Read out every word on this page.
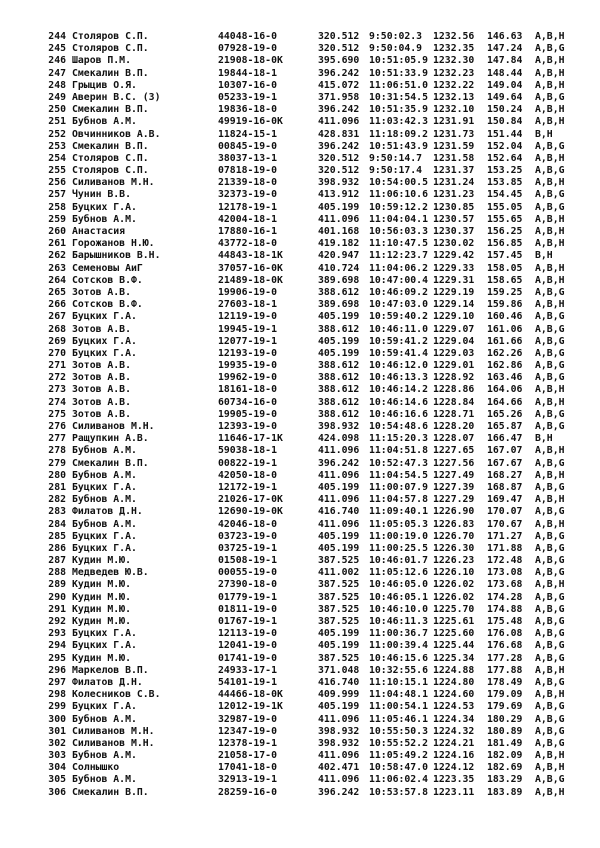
244 Столяров С.П.	44048-16-0	320.512 9:50:02.3 1232.56 146.63 A,B,H
245 Столяров С.П.	07928-19-0	320.512 9:50:04.9 1232.35 147.24 A,B,G
246 Шаров П.М.	21908-18-0K	395.690 10:51:05.9 1232.30 147.84 A,B,H
247 Смекалин В.П.	19844-18-1	396.242 10:51:33.9 1232.23 148.44 A,B,H
248 Грыцив О.Я.	10307-16-0	415.072 11:06:51.0 1232.22 149.04 A,B,H
249 Аверин В.С. (3)	05233-19-1	371.958 10:31:54.5 1232.13 149.64 A,B,G
250 Смекалин В.П.	19836-18-0	396.242 10:51:35.9 1232.10 150.24 A,B,H
251 Бубнов А.М.	49919-16-0K	411.096 11:03:42.3 1231.91 150.84 A,B,H
252 Овчинников А.В.	11824-15-1	428.831 11:18:09.2 1231.73 151.44 B,H
253 Смекалин В.П.	00845-19-0	396.242 10:51:43.9 1231.59 152.04 A,B,G
254 Столяров С.П.	38037-13-1	320.512 9:50:14.7 1231.58 152.64 A,B,H
255 Столяров С.П.	07818-19-0	320.512 9:50:17.4 1231.37 153.25 A,B,G
256 Силиванов М.Н.	21339-18-0	398.932 10:54:00.5 1231.24 153.85 A,B,H
257 Чунин В.В.	32373-19-0	413.912 11:06:10.6 1231.23 154.45 A,B,G
258 Буцких Г.А.	12178-19-1	405.199 10:59:12.2 1230.85 155.05 A,B,G
259 Бубнов А.М.	42004-18-1	411.096 11:04:04.1 1230.57 155.65 A,B,H
260 Анастасия	17880-16-1	401.168 10:56:03.3 1230.37 156.25 A,B,H
261 Горожанов Н.Ю.	43772-18-0	419.182 11:10:47.5 1230.02 156.85 A,B,H
262 Барышников В.Н.	44843-18-1K	420.947 11:12:23.7 1229.42 157.45 B,H
263 Семеновы АиГ	37057-16-0K	410.724 11:04:06.2 1229.33 158.05 A,B,H
264 Сотсков В.Ф.	21489-18-0K	389.698 10:47:00.4 1229.31 158.65 A,B,H
265 Зотов А.В.	19906-19-0	388.612 10:46:09.2 1229.19 159.25 A,B,G
266 Сотсков В.Ф.	27603-18-1	389.698 10:47:03.0 1229.14 159.86 A,B,H
267 Буцких Г.А.	12119-19-0	405.199 10:59:40.2 1229.10 160.46 A,B,G
268 Зотов А.В.	19945-19-1	388.612 10:46:11.0 1229.07 161.06 A,B,G
269 Буцких Г.А.	12077-19-1	405.199 10:59:41.2 1229.04 161.66 A,B,G
270 Буцких Г.А.	12193-19-0	405.199 10:59:41.4 1229.03 162.26 A,B,G
271 Зотов А.В.	19935-19-0	388.612 10:46:12.0 1229.01 162.86 A,B,G
272 Зотов А.В.	19962-19-0	388.612 10:46:13.3 1228.92 163.46 A,B,G
273 Зотов А.В.	18161-18-0	388.612 10:46:14.2 1228.86 164.06 A,B,H
274 Зотов А.В.	60734-16-0	388.612 10:46:14.6 1228.84 164.66 A,B,H
275 Зотов А.В.	19905-19-0	388.612 10:46:16.6 1228.71 165.26 A,B,G
276 Силиванов М.Н.	12393-19-0	398.932 10:54:48.6 1228.20 165.87 A,B,G
277 Ращупкин А.В.	11646-17-1K	424.098 11:15:20.3 1228.07 166.47 B,H
278 Бубнов А.М.	59038-18-1	411.096 11:04:51.8 1227.65 167.07 A,B,H
279 Смекалин В.П.	00822-19-1	396.242 10:52:47.3 1227.56 167.67 A,B,G
280 Бубнов А.М.	42050-18-0	411.096 11:04:54.5 1227.49 168.27 A,B,H
281 Буцких Г.А.	12172-19-1	405.199 11:00:07.9 1227.39 168.87 A,B,G
282 Бубнов А.М.	21026-17-0K	411.096 11:04:57.8 1227.29 169.47 A,B,H
283 Филатов Д.Н.	12690-19-0K	416.740 11:09:40.1 1226.90 170.07 A,B,G
284 Бубнов А.М.	42046-18-0	411.096 11:05:05.3 1226.83 170.67 A,B,H
285 Буцких Г.А.	03723-19-0	405.199 11:00:19.0 1226.70 171.27 A,B,G
286 Буцких Г.А.	03725-19-1	405.199 11:00:25.5 1226.30 171.88 A,B,G
287 Кудин М.Ю.	01508-19-1	387.525 10:46:01.7 1226.23 172.48 A,B,G
288 Медведев Ю.В.	00055-19-0	411.002 11:05:12.6 1226.10 173.08 A,B,G
289 Кудин М.Ю.	27390-18-0	387.525 10:46:05.0 1226.02 173.68 A,B,H
290 Кудин М.Ю.	01779-19-1	387.525 10:46:05.1 1226.02 174.28 A,B,G
291 Кудин М.Ю.	01811-19-0	387.525 10:46:10.0 1225.70 174.88 A,B,G
292 Кудин М.Ю.	01767-19-1	387.525 10:46:11.3 1225.61 175.48 A,B,G
293 Буцких Г.А.	12113-19-0	405.199 11:00:36.7 1225.60 176.08 A,B,G
294 Буцких Г.А.	12041-19-0	405.199 11:00:39.4 1225.44 176.68 A,B,G
295 Кудин М.Ю.	01741-19-0	387.525 10:46:15.6 1225.34 177.28 A,B,G
296 Маркелов В.П.	24933-17-1	371.048 10:32:55.6 1224.88 177.88 A,B,H
297 Филатов Д.Н.	54101-19-1	416.740 11:10:15.1 1224.80 178.49 A,B,G
298 Колесников С.В.	44466-18-0K	409.999 11:04:48.1 1224.60 179.09 A,B,H
299 Буцких Г.А.	12012-19-1K	405.199 11:00:54.1 1224.53 179.69 A,B,G
300 Бубнов А.М.	32987-19-0	411.096 11:05:46.1 1224.34 180.29 A,B,G
301 Силиванов М.Н.	12347-19-0	398.932 10:55:50.3 1224.32 180.89 A,B,G
302 Силиванов М.Н.	12378-19-1	398.932 10:55:52.2 1224.21 181.49 A,B,G
303 Бубнов А.М.	21058-17-0	411.096 11:05:49.2 1224.16 182.09 A,B,H
304 Солнышко	17041-18-0	402.471 10:58:47.0 1224.12 182.69 A,B,H
305 Бубнов А.М.	32913-19-1	411.096 11:06:02.4 1223.35 183.29 A,B,G
306 Смекалин В.П.	28259-16-0	396.242 10:53:57.8 1223.11 183.89 A,B,H
